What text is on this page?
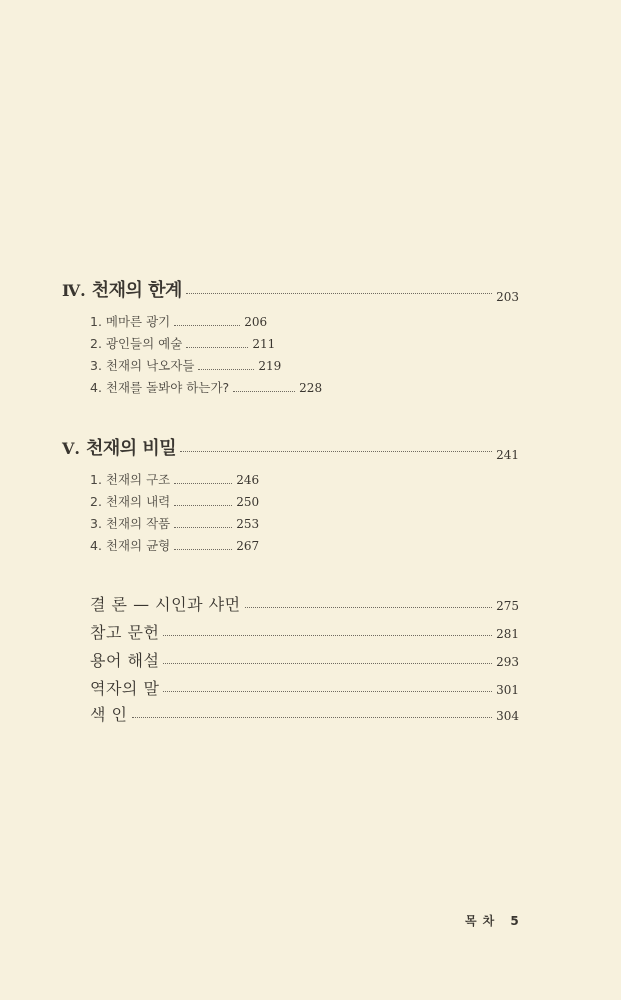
Ⅳ. 천재의 한계	203
1. 메마른 광기	206
2. 광인들의 예술	211
3. 천재의 낙오자들	219
4. 천재를 돌봐야 하는가?	228
Ⅴ. 천재의 비밀	241
1. 천재의 구조	246
2. 천재의 내력	250
3. 천재의 작품	253
4. 천재의 균형	267
결 론 — 시인과 샤먼	275
참고 문헌	281
용어 해설	293
역자의 말	301
색 인	304
목차 5
